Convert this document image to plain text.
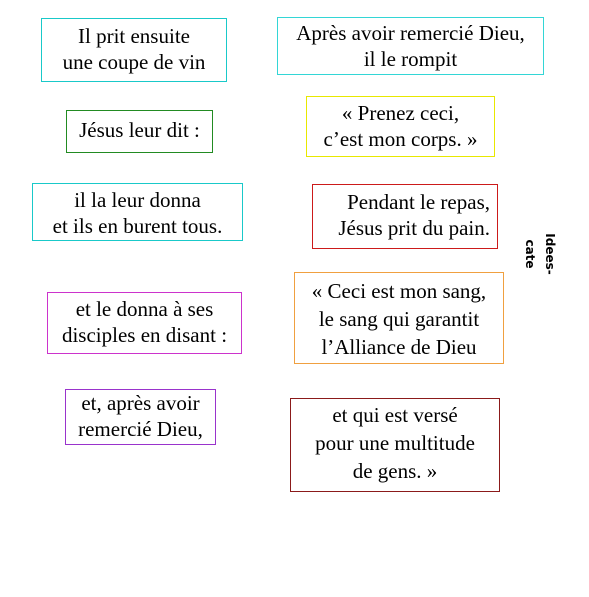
Il prit ensuite
une coupe de vin
Après avoir remercié Dieu,
il le rompit
Jésus leur dit :
« Prenez ceci,
c’est mon corps. »
il la leur donna
et ils en burent tous.
Pendant le repas,
Jésus prit du pain.
et le donna à ses
disciples en disant :
« Ceci est mon sang,
le sang qui garantit
l’Alliance de Dieu
et, après avoir
remercié Dieu,
et qui est versé
pour une multitude
de gens. »
Idees-cate
